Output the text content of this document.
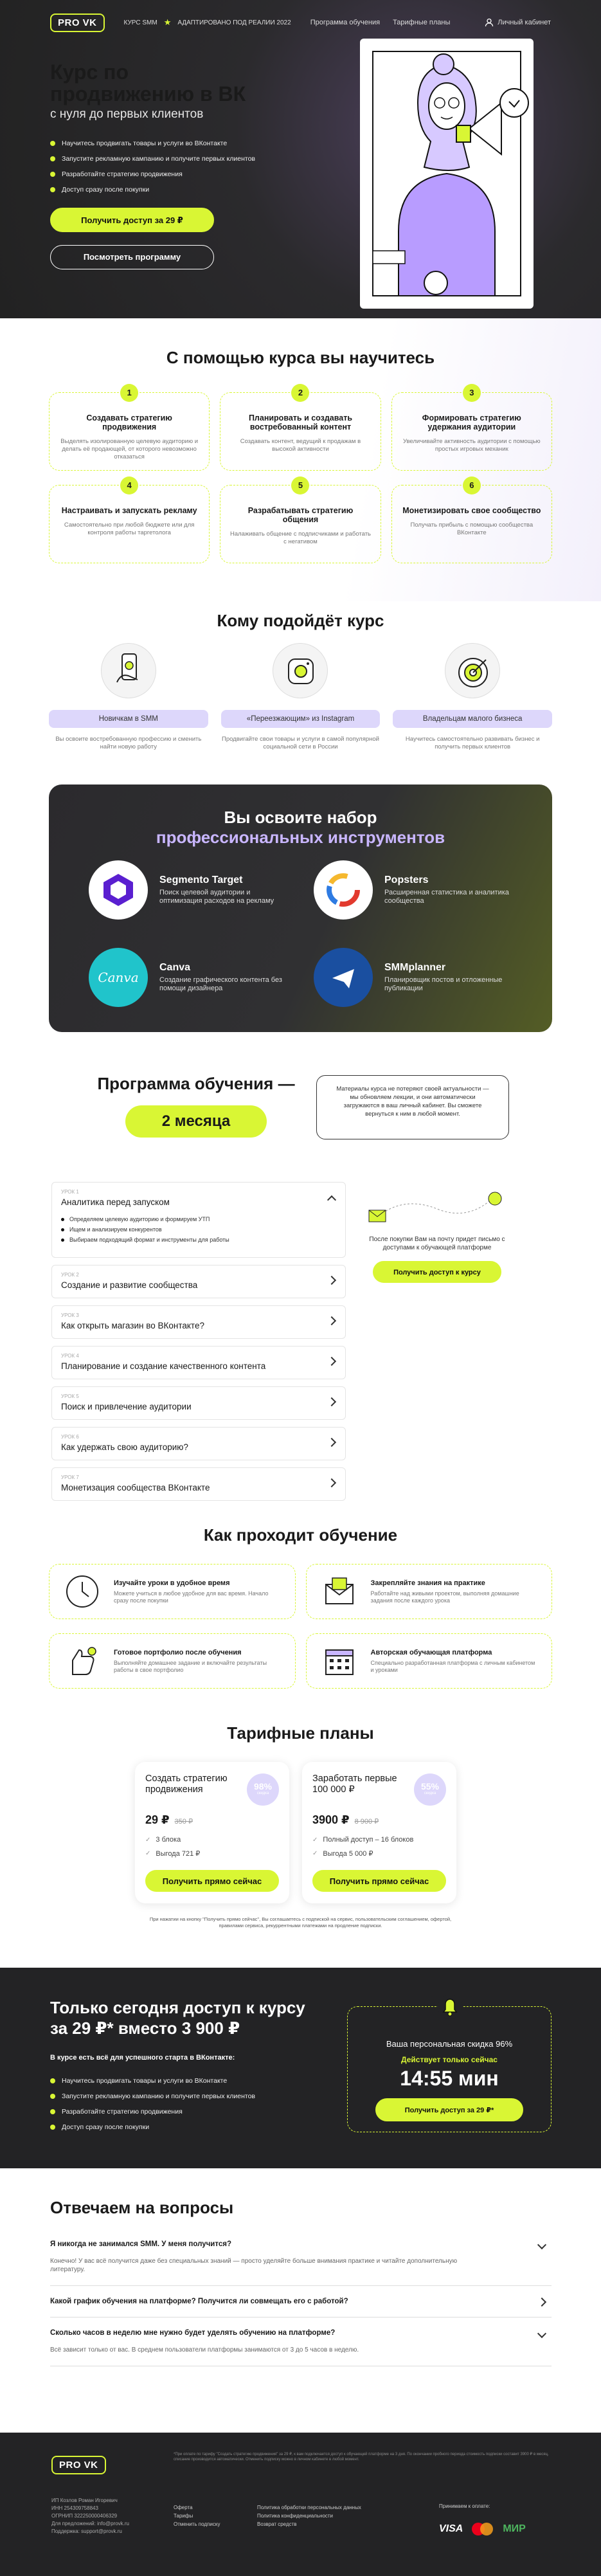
PRO VK	КУРС SMM ★ АДАПТИРОВАНО ПОД РЕАЛИИ 2022	Программа обучения Тарифные планы	Личный кабинет
Курс по продвижению в ВК
с нуля до первых клиентов
Научитесь продвигать товары и услуги во ВКонтакте
Запустите рекламную кампанию и получите первых клиентов
Разработайте стратегию продвижения
Доступ сразу после покупки
Получить доступ за 29 ₽
Посмотреть программу
С помощью курса вы научитесь
1
Создавать стратегию продвижения
Выделять изолированную целевую аудиторию и делать её продающей, от которого невозможно отказаться
2
Планировать и создавать востребованный контент
Создавать контент, ведущий к продажам в высокой активности
3
Формировать стратегию удержания аудитории
Увеличивайте активность аудитории с помощью простых игровых механик
4
Настраивать и запускать рекламу
Самостоятельно при любой бюджете или для контроля работы таргетолога
5
Разрабатывать стратегию общения
Налаживать общение с подписчиками и работать с негативом
6
Монетизировать свое сообщество
Получать прибыль с помощью сообщества ВКонтакте
Кому подойдёт курс
Новичкам в SMM
Вы освоите востребованную профессию и сменить найти новую работу
«Переезжающим» из Instagram
Продвигайте свои товары и услуги в самой популярной социальной сети в России
Владельцам малого бизнеса
Научитесь самостоятельно развивать бизнес и получить первых клиентов
Вы освоите набор
профессиональных инструментов
Segmento Target
Поиск целевой аудитории и оптимизация расходов на рекламу
Popsters
Расширенная статистика и аналитика сообщества
Canva
Canva
Создание графического контента без помощи дизайнера
SMMplanner
Планировщик постов и отложенные публикации
Программа обучения —
2 месяца
Материалы курса не потеряют своей актуальности — мы обновляем лекции, и они автоматически загружаются в ваш личный кабинет. Вы сможете вернуться к ним в любой момент.
УРОК 1
Аналитика перед запуском
Определяем целевую аудиторию и формируем УТП
Ищем и анализируем конкурентов
Выбираем подходящий формат и инструменты для работы
УРОК 2
Создание и развитие сообщества
УРОК 3
Как открыть магазин во ВКонтакте?
УРОК 4
Планирование и создание качественного контента
УРОК 5
Поиск и привлечение аудитории
УРОК 6
Как удержать свою аудиторию?
УРОК 7
Монетизация сообщества ВКонтакте
После покупки Вам на почту придет письмо с доступами к обучающей платформе
Получить доступ к курсу
Как проходит обучение
Изучайте уроки в удобное время
Можете учиться в любое удобное для вас время. Начало сразу после покупки
Закрепляйте знания на практике
Работайте над живыми проектом, выполняя домашние задания после каждого урока
Готовое портфолио после обучения
Выполняйте домашнее задание и включайте результаты работы в свое портфолио
Авторская обучающая платформа
Специально разработанная платформа с личным кабинетом и уроками
Тарифные планы
Создать стратегию продвижения	98%
скидка
29 ₽ 350 ₽
✓ 3 блока
✓ Выгода 721 ₽
Получить прямо сейчас
Заработать первые 100 000 ₽	55%
скидка
3900 ₽ 8 900 ₽
✓ Полный доступ – 16 блоков
✓ Выгода 5 000 ₽
Получить прямо сейчас
При нажатии на кнопку "Получить прямо сейчас", Вы соглашаетесь с подпиской на сервис, пользовательским соглашением, офертой, правилами сервиса, рекуррентными платежами на продление подписки.
Только сегодня доступ к курсу за 29 ₽* вместо 3 900 ₽
В курсе есть всё для успешного старта в ВКонтакте:
Научитесь продвигать товары и услуги во ВКонтакте
Запустите рекламную кампанию и получите первых клиентов
Разработайте стратегию продвижения
Доступ сразу после покупки
Ваша персональная скидка 96%
Действует только сейчас
14:55 мин
Получить доступ за 29 ₽*
Отвечаем на вопросы
Я никогда не занимался SMM. У меня получится?
Конечно! У вас всё получится даже без специальных знаний — просто уделяйте больше внимания практике и читайте дополнительную литературу.
Какой график обучения на платформе? Получится ли совмещать его с работой?
Сколько часов в неделю мне нужно будет уделять обучению на платформе?
Всё зависит только от вас. В среднем пользователи платформы занимаются от 3 до 5 часов в неделю.
PRO VK
*При оплате по тарифу "Создать стратегию продвижения" за 29 ₽, к вам подключается доступ к обучающей платформе на 3 дня. По окончании пробного периода стоимость подписки составит 3900 ₽ в месяц, списание производится автоматически. Отменить подписку можно в личном кабинете в любой момент.
ИП Козлов Роман Игоревич
ИНН 254309758843
ОГРНИП 322250000406329
Для предложений: info@provk.ru
Поддержка: support@provk.ru
Оферта
Тарифы
Отменить подписку
Политика обработки персональных данных
Политика конфиденциальности
Возврат средств
Принимаем к оплате:
VISA	МИР
